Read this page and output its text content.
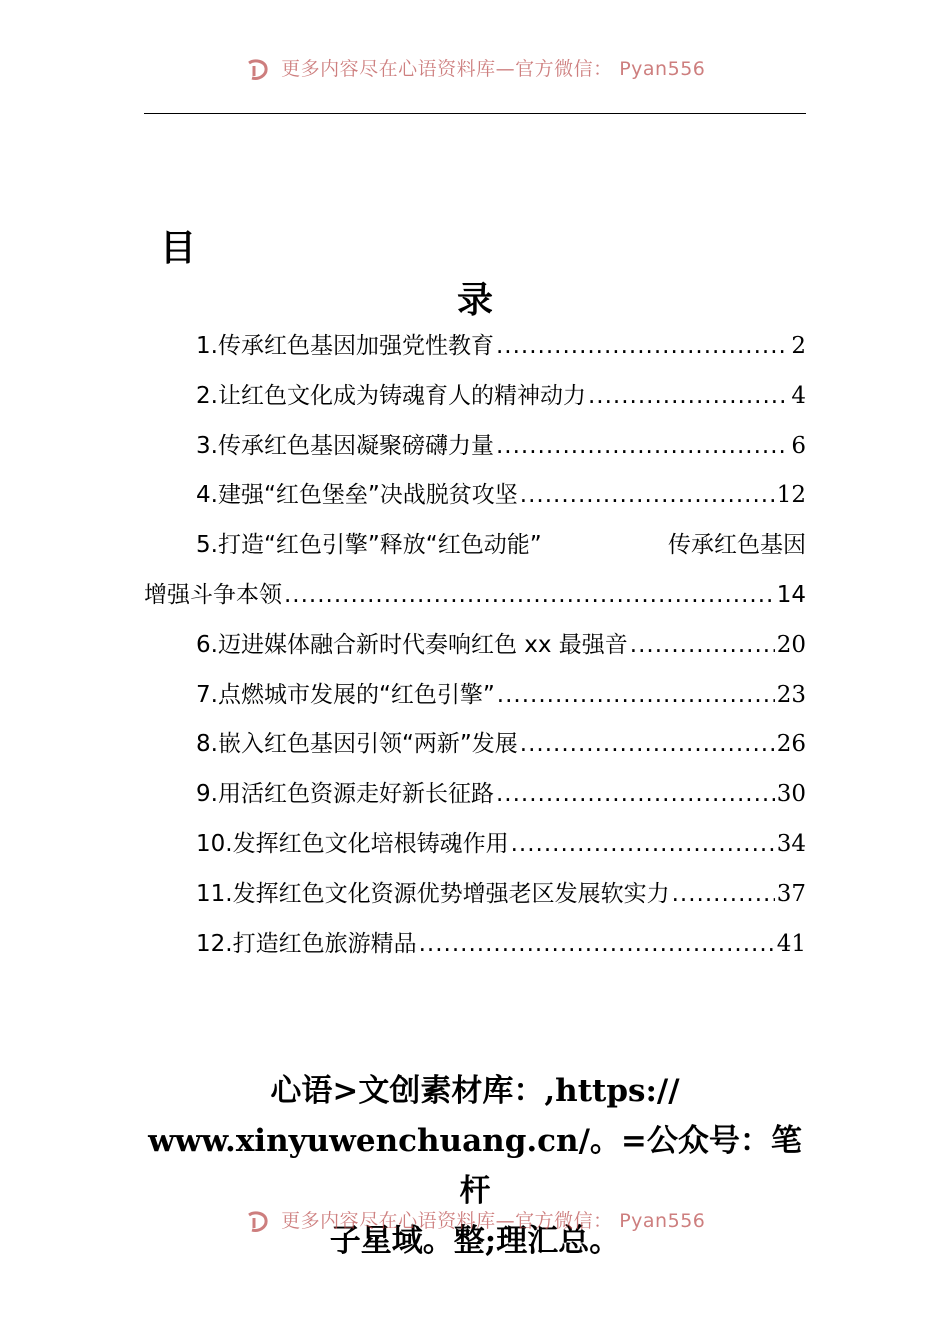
更多内容尽在心语资料库—官方微信： Pyan556
目
录
1.传承红色基因加强党性教育 .....	2
2.让红色文化成为铸魂育人的精神动力 .....	4
3.传承红色基因凝聚磅礴力量 .....	6
4.建强“红色堡垒”决战脱贫攻坚 .....	12
5.打造“红色引擎”释放“红色动能”	传承红色基因
增强斗争本领 .....	14
6.迈进媒体融合新时代奏响红色 xx 最强音 .....	20
7.点燃城市发展的“红色引擎” .....	23
8.嵌入红色基因引领“两新”发展 .....	26
9.用活红色资源走好新长征路 .....	30
10.发挥红色文化培根铸魂作用 .....	34
11.发挥红色文化资源优势增强老区发展软实力 .....	37
12.打造红色旅游精品 .....	41
心语>文创素材库：,https://
www.xinyuwenchuang.cn/。=公众号：笔杆
子星域。整;理汇总。
更多内容尽在心语资料库—官方微信： Pyan556
